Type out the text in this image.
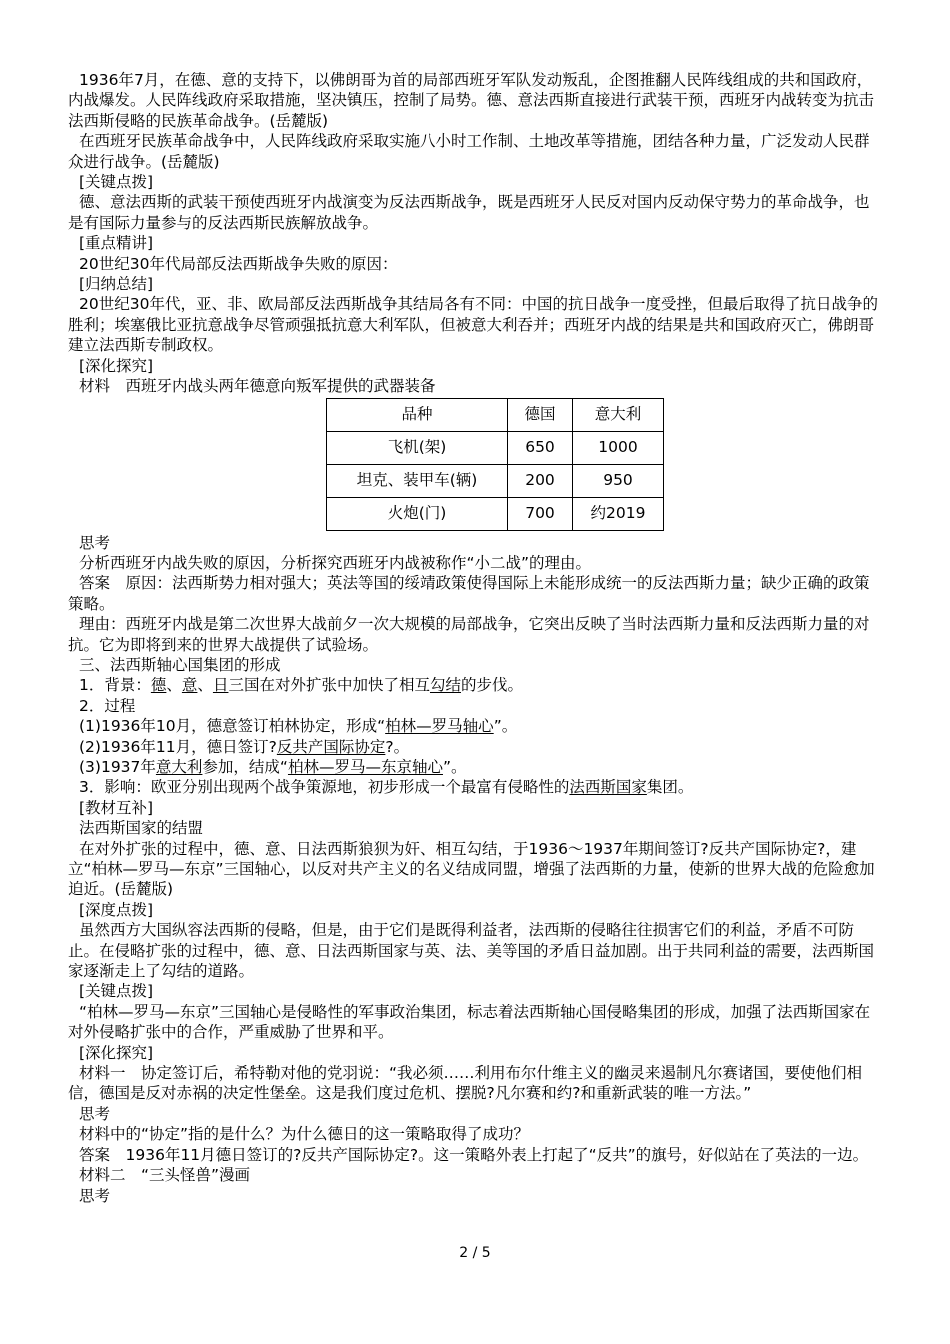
1936年7月，在德、意的支持下，以佛朗哥为首的局部西班牙军队发动叛乱，企图推翻人民阵线组成的共和国政府，内战爆发。人民阵线政府采取措施，坚决镇压，控制了局势。德、意法西斯直接进行武装干预，西班牙内战转变为抗击法西斯侵略的民族革命战争。(岳麓版)

在西班牙民族革命战争中，人民阵线政府采取实施八小时工作制、土地改革等措施，团结各种力量，广泛发动人民群众进行战争。(岳麓版)

[关键点拨]

德、意法西斯的武装干预使西班牙内战演变为反法西斯战争，既是西班牙人民反对国内反动保守势力的革命战争，也是有国际力量参与的反法西斯民族解放战争。

[重点精讲]

20世纪30年代局部反法西斯战争失败的原因：

[归纳总结]

20世纪30年代，亚、非、欧局部反法西斯战争其结局各有不同：中国的抗日战争一度受挫，但最后取得了抗日战争的胜利；埃塞俄比亚抗意战争尽管顽强抵抗意大利军队，但被意大利吞并；西班牙内战的结果是共和国政府灭亡，佛朗哥建立法西斯专制政权。

[深化探究]

材料　西班牙内战头两年德意向叛军提供的武器装备

品种	德国	意大利
飞机(架)	650	1000
坦克、装甲车(辆)	200	950
火炮(门)	700	约2019

思考

分析西班牙内战失败的原因，分析探究西班牙内战被称作“小二战”的理由。

答案　原因：法西斯势力相对强大；英法等国的绥靖政策使得国际上未能形成统一的反法西斯力量；缺少正确的政策策略。

理由：西班牙内战是第二次世界大战前夕一次大规模的局部战争，它突出反映了当时法西斯力量和反法西斯力量的对抗。它为即将到来的世界大战提供了试验场。

三、法西斯轴心国集团的形成

1．背景：德、意、日三国在对外扩张中加快了相互勾结的步伐。

2．过程

(1)1936年10月，德意签订柏林协定，形成“柏林—罗马轴心”。

(2)1936年11月，德日签订?反共产国际协定?。

(3)1937年意大利参加，结成“柏林—罗马—东京轴心”。

3．影响：欧亚分别出现两个战争策源地，初步形成一个最富有侵略性的法西斯国家集团。

[教材互补]

法西斯国家的结盟

在对外扩张的过程中，德、意、日法西斯狼狈为奸、相互勾结，于1936～1937年期间签订?反共产国际协定?，建立“柏林—罗马—东京”三国轴心，以反对共产主义的名义结成同盟，增强了法西斯的力量，使新的世界大战的危险愈加迫近。(岳麓版)

[深度点拨]

虽然西方大国纵容法西斯的侵略，但是，由于它们是既得利益者，法西斯的侵略往往损害它们的利益，矛盾不可防止。在侵略扩张的过程中，德、意、日法西斯国家与英、法、美等国的矛盾日益加剧。出于共同利益的需要，法西斯国家逐渐走上了勾结的道路。

[关键点拨]

“柏林—罗马—东京”三国轴心是侵略性的军事政治集团，标志着法西斯轴心国侵略集团的形成，加强了法西斯国家在对外侵略扩张中的合作，严重威胁了世界和平。

[深化探究]

材料一　协定签订后，希特勒对他的党羽说：“我必须……利用布尔什维主义的幽灵来遏制凡尔赛诸国，要使他们相信，德国是反对赤祸的决定性堡垒。这是我们度过危机、摆脱?凡尔赛和约?和重新武装的唯一方法。”

思考

材料中的“协定”指的是什么？为什么德日的这一策略取得了成功？

答案　1936年11月德日签订的?反共产国际协定?。这一策略外表上打起了“反共”的旗号，好似站在了英法的一边。

材料二　“三头怪兽”漫画

思考

2 / 5
